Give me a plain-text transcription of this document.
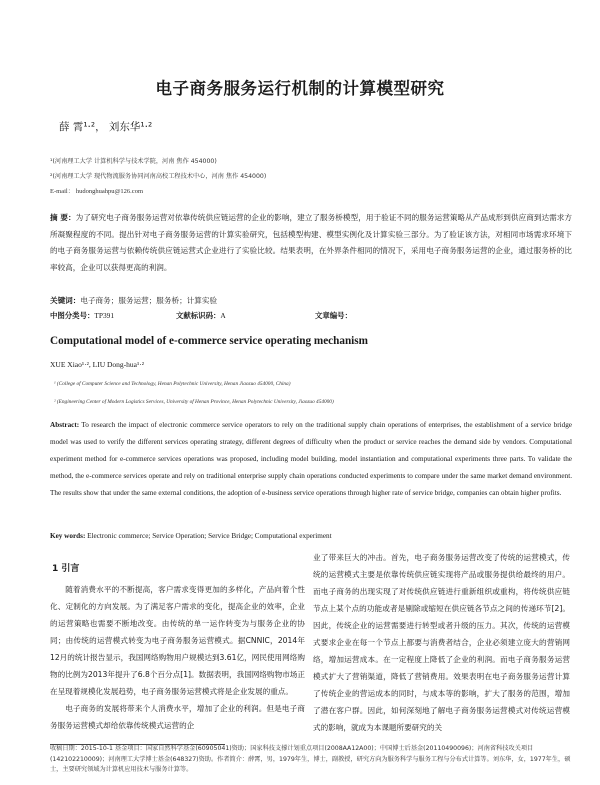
电子商务服务运行机制的计算模型研究
薛 霄¹·²， 刘东华¹·²
¹(河南理工大学 计算机科学与技术学院，河南 焦作 454000)
²(河南理工大学 现代物流服务协同河南高校工程技术中心，河南 焦作 454000)
E-mail： hudonghuahpu@126.com
摘 要：为了研究电子商务服务运营对依靠传统供应链运营的企业的影响，建立了服务桥模型，用于验证不同的服务运营策略从产品成形到供应商到达需求方所凝聚程度的不同。提出针对电子商务服务运营的计算实验研究，包括模型构建、模型实例化及计算实验三部分。为了验证该方法，对相同市场需求环境下的电子商务服务运营与依赖传统供应链运营式企业进行了实验比较。结果表明，在外界条件相同的情况下，采用电子商务服务运营的企业，通过服务桥的比率较高，企业可以获得更高的利润。
关键词：电子商务；服务运营；服务桥；计算实验
中图分类号：TP391	文献标识码：A	文章编号：
Computational model of e-commerce service operating mechanism
XUE Xiao¹·², LIU Dong-hua¹·²
¹ (College of Computer Science and Technology, Henan Polytechnic University, Henan Jiaozuo 454000, China)
² (Engineering Center of Modern Logistics Services, University of Henan Province, Henan Polytechnic University, Jiaozuo 454000)
Abstract: To research the impact of electronic commerce service operators to rely on the traditional supply chain operations of enterprises, the establishment of a service bridge model was used to verify the different services operating strategy, different degrees of difficulty when the product or service reaches the demand side by vendors. Computational experiment method for e-commerce services operations was proposed, including model building, model instantiation and computational experiments three parts. To validate the method, the e-commerce services operate and rely on traditional enterprise supply chain operations conducted experiments to compare under the same market demand environment. The results show that under the same external conditions, the adoption of e-business service operations through higher rate of service bridge, companies can obtain higher profits.
Key words: Electronic commerce; Service Operation; Service Bridge; Computational experiment
1 引言

随着消费水平的不断提高，客户需求变得更加的多样化，产品向着个性化、定制化的方向发展。为了满足客户需求的变化，提高企业的效率，企业的运营策略也需要不断地改变。由传统的单一运作转变为与服务企业的协同；由传统的运营模式转变为电子商务服务运营模式。据CNNIC，2014年12月的统计报告显示，我国网络购物用户规模达到3.61亿，网民使用网络购物的比例为2013年提升了6.8个百分点[1]。数据表明，我国网络购物市场正在呈现着规模化发展趋势，电子商务服务运营模式将是企业发展的重点。

电子商务的发展将带来个人消费水平，增加了企业的利润。但是电子商务服务运营模式却给依靠传统模式运营的企

业了带来巨大的冲击。首先，电子商务服务运营改变了传统的运营模式，传统的运营模式主要是依靠传统供应链实现将产品或服务提供给最终的用户。而电子商务的出现实现了对传统供应链进行重新组织或重构，将传统供应链节点上某个点的功能或者是剔除或缩短在供应链各节点之间的传递环节[2]。因此，传统企业的运营需要进行转型或者升级的压力。其次，传统的运营模式要求企业在每一个节点上都要与消费者结合，企业必须建立庞大的营销网络，增加运营成本。在一定程度上降低了企业的利润。而电子商务服务运营模式扩大了营销渠道，降低了营销费用。效果表明在电子商务服务运营计算了传统企业的营运成本的同时，与成本等的影响，扩大了服务的范围，增加了潜在客户群。因此，如何深刻地了解电子商务服务运营模式对传统运营模式的影响，就成为本课题所要研究的关

收稿日期：2015-10-1 基金项目：国家自然科学基金(60905041)资助；国家科技支撑计划重点项目(2008AA12A00)；中国博士后基金(20110490096)；河南省科技攻关项目(142102210009)；河南理工大学博士基金(648327)资助。作者简介：薛霄，男，1979年生，博士，副教授，研究方向为服务科学与服务工程与分布式计算等。刘东华，女，1977年生，硕士，主要研究领域为计算机应用技术与服务计算等。
